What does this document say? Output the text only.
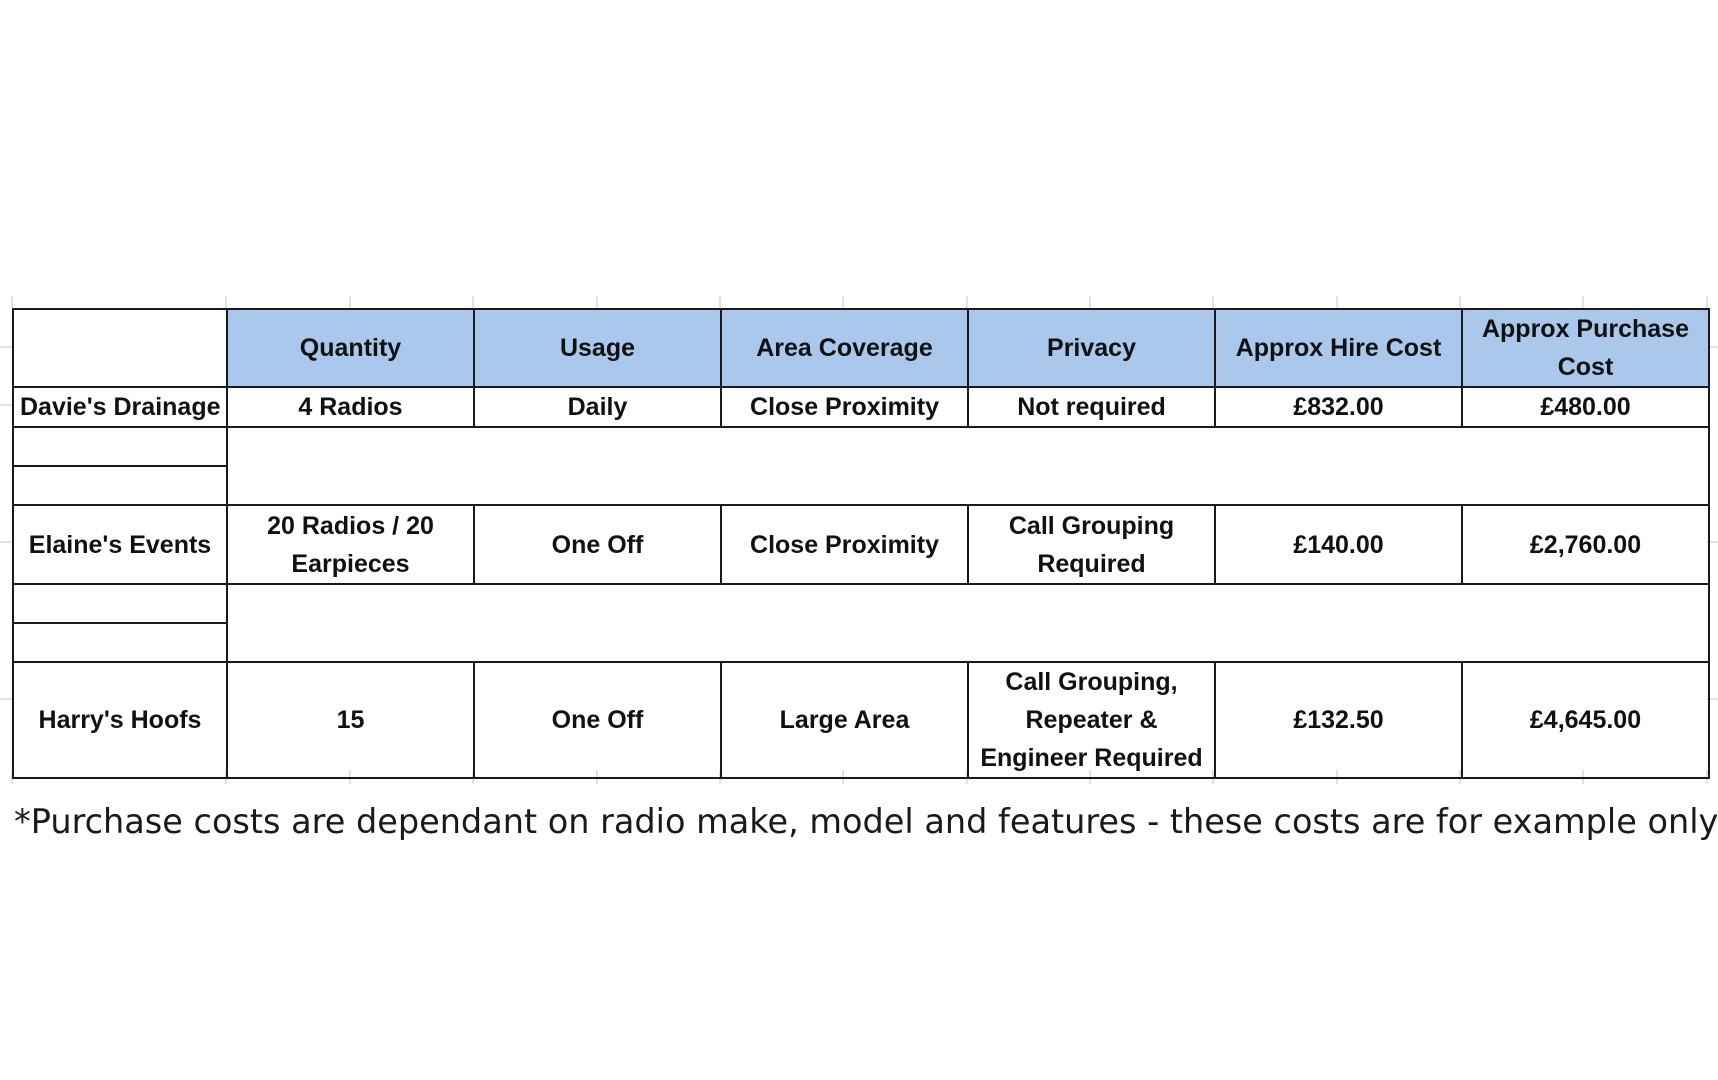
	Quantity	Usage	Area Coverage	Privacy	Approx Hire Cost	Approx Purchase Cost
Davie's Drainage	4 Radios	Daily	Close Proximity	Not required	£832.00	£480.00

Elaine's Events	20 Radios / 20 Earpieces	One Off	Close Proximity	Call Grouping Required	£140.00	£2,760.00

Harry's Hoofs	15	One Off	Large Area	Call Grouping, Repeater & Engineer Required	£132.50	£4,645.00
*Purchase costs are dependant on radio make, model and features - these costs are for example only
